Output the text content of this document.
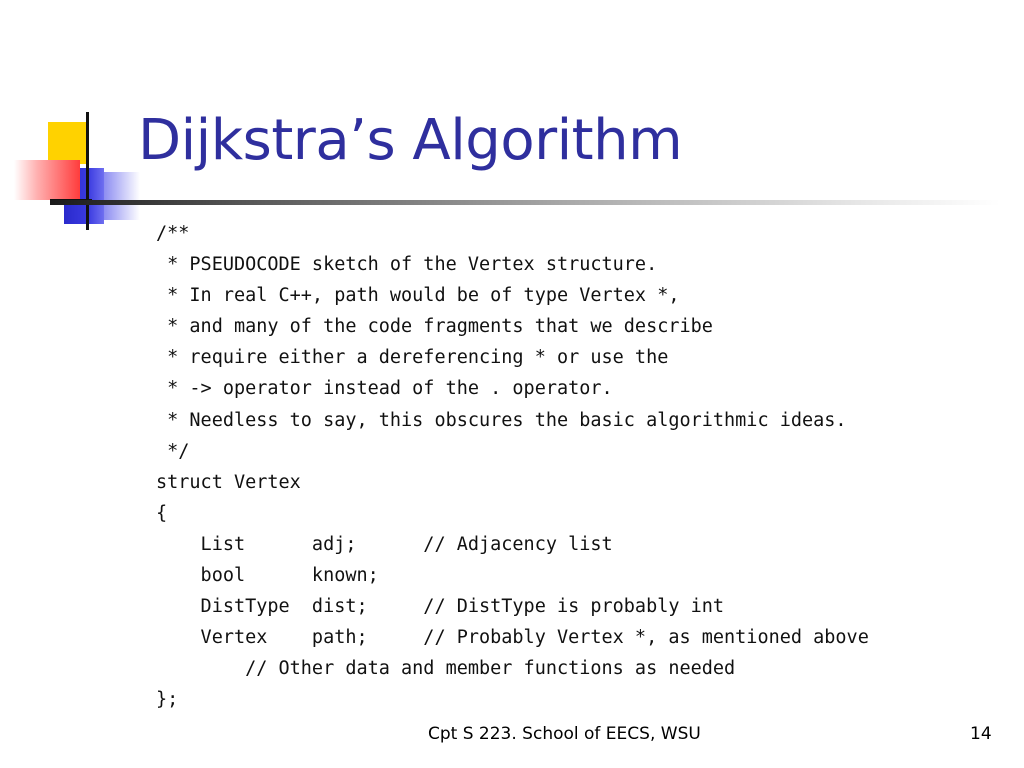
Dijkstra’s Algorithm
/**
* PSEUDOCODE sketch of the Vertex structure.
* In real C++, path would be of type Vertex *,
* and many of the code fragments that we describe
* require either a dereferencing * or use the
* -> operator instead of the . operator.
* Needless to say, this obscures the basic algorithmic ideas.
*/
struct Vertex
{
List      adj;      // Adjacency list
bool      known;
DistType  dist;     // DistType is probably int
Vertex    path;     // Probably Vertex *, as mentioned above
// Other data and member functions as needed
};
Cpt S 223. School of EECS, WSU	14
